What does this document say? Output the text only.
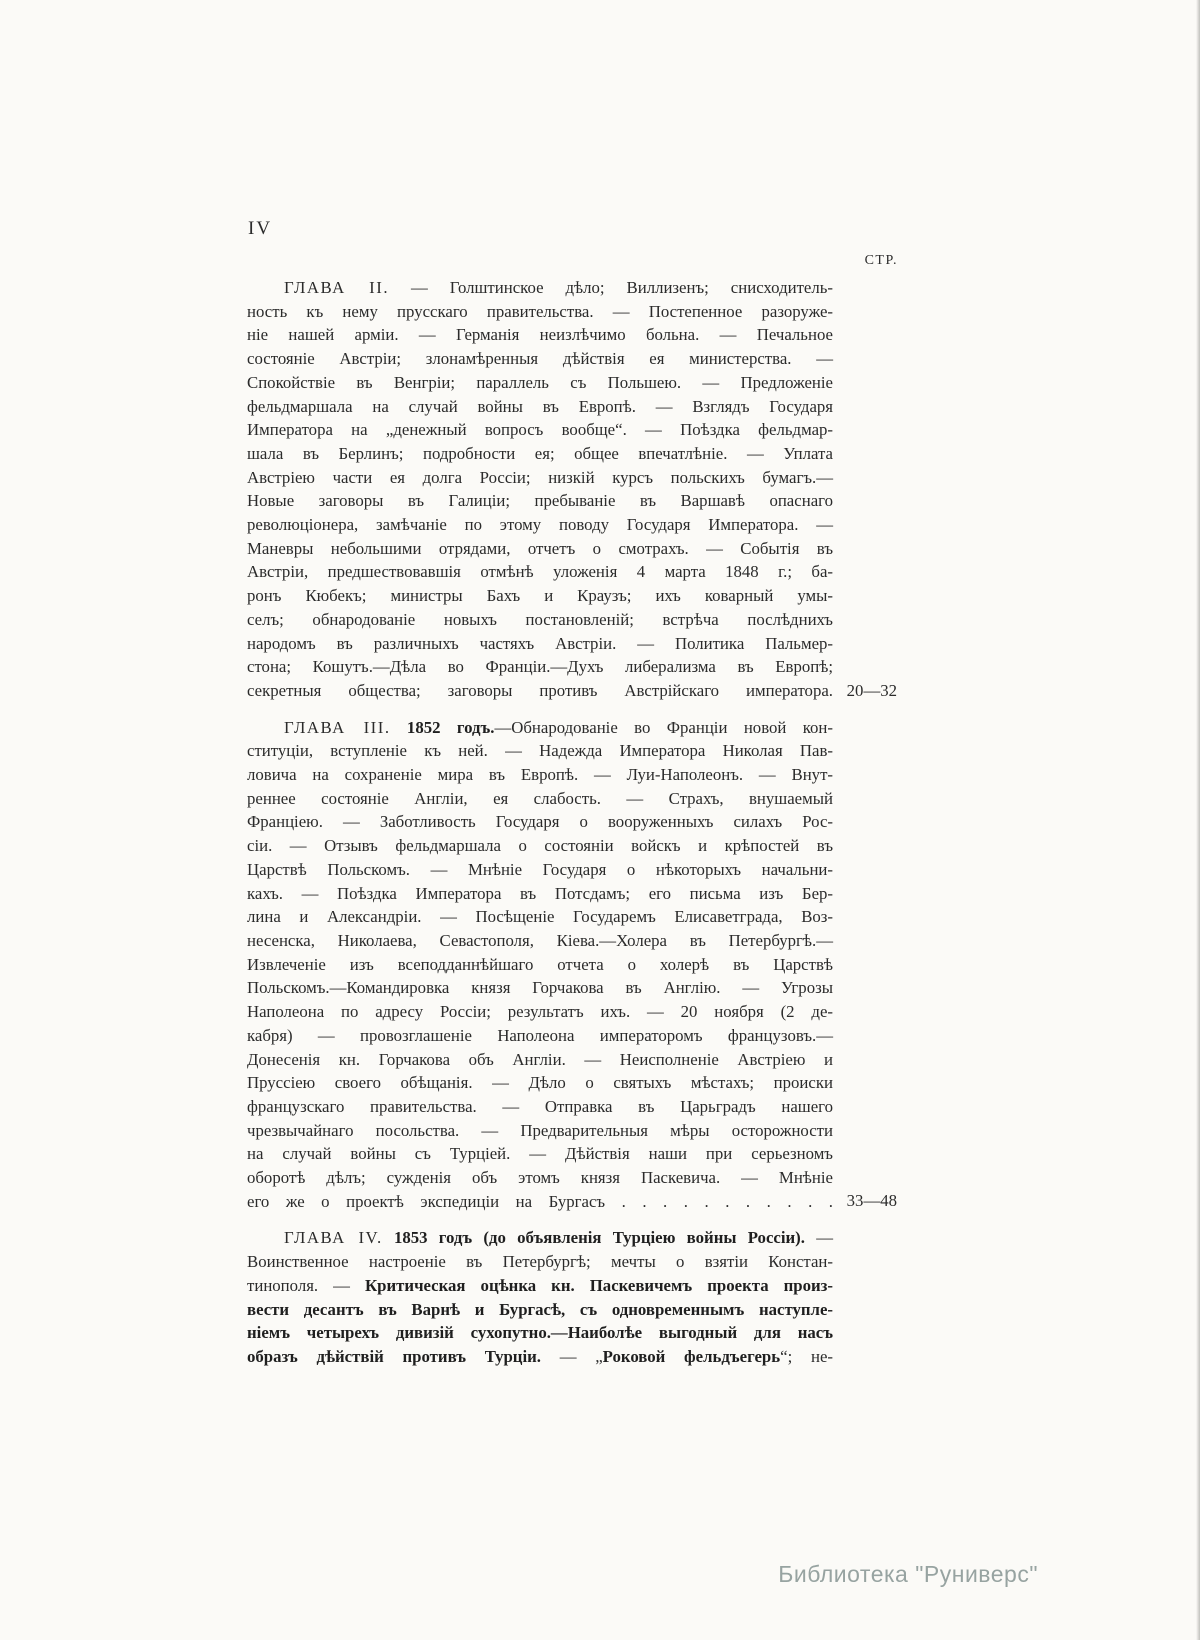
IV
СТР.
ГЛАВА II. — Голштинское дѣло; Виллизенъ; снисходитель-
ность къ нему прусскаго правительства. — Постепенное разоруже-
ніе нашей арміи. — Германія неизлѣчимо больна. — Печальное
состояніе Австріи; злонамѣренныя дѣйствія ея министерства. —
Спокойствіе въ Венгріи; параллель съ Польшею. — Предложеніе
фельдмаршала на случай войны въ Европѣ. — Взглядъ Государя
Императора на „денежный вопросъ вообще“. — Поѣздка фельдмар-
шала въ Берлинъ; подробности ея; общее впечатлѣніе. — Уплата
Австріею части ея долга Россіи; низкій курсъ польскихъ бумагъ.—
Новые заговоры въ Галиціи; пребываніе въ Варшавѣ опаснаго
революціонера, замѣчаніе по этому поводу Государя Императора. —
Маневры небольшими отрядами, отчетъ о смотрахъ. — Событія въ
Австріи, предшествовавшія отмѣнѣ уложенія 4 марта 1848 г.; ба-
ронъ Кюбекъ; министры Бахъ и Краузъ; ихъ коварный умы-
селъ; обнародованіе новыхъ постановленій; встрѣча послѣднихъ
народомъ въ различныхъ частяхъ Австріи. — Политика Пальмер-
стона; Кошутъ.—Дѣла во Франціи.—Духъ либерализма въ Европѣ;
секретныя общества; заговоры противъ Австрійскаго императора. 20—32
ГЛАВА III. 1852 годъ.—Обнародованіе во Франціи новой кон-
ституціи, вступленіе къ ней. — Надежда Императора Николая Пав-
ловича на сохраненіе мира въ Европѣ. — Луи-Наполеонъ. — Внут-
реннее состояніе Англіи, ея слабость. — Страхъ, внушаемый
Франціею. — Заботливость Государя о вооруженныхъ силахъ Рос-
сіи. — Отзывъ фельдмаршала о состояніи войскъ и крѣпостей въ
Царствѣ Польскомъ. — Мнѣніе Государя о нѣкоторыхъ начальни-
кахъ. — Поѣздка Императора въ Потсдамъ; его письма изъ Бер-
лина и Александріи. — Посѣщеніе Государемъ Елисаветграда, Воз-
несенска, Николаева, Севастополя, Кіева.—Холера въ Петербургѣ.—
Извлеченіе изъ всеподданнѣйшаго отчета о холерѣ въ Царствѣ
Польскомъ.—Командировка князя Горчакова въ Англію. — Угрозы
Наполеона по адресу Россіи; результатъ ихъ. — 20 ноября (2 де-
кабря) — провозглашеніе Наполеона императоромъ французовъ.—
Донесенія кн. Горчакова объ Англіи. — Неисполненіе Австріею и
Пруссіею своего обѣщанія. — Дѣло о святыхъ мѣстахъ; происки
французскаго правительства. — Отправка въ Царьградъ нашего
чрезвычайнаго посольства. — Предварительныя мѣры осторожности
на случай войны съ Турціей. — Дѣйствія наши при серьезномъ
оборотѣ дѣлъ; сужденія объ этомъ князя Паскевича. — Мнѣніе
его же о проектѣ экспедиціи на Бургасъ . . . . . . . . . . . 33—48
ГЛАВА IV. 1853 годъ (до объявленія Турціею войны Россіи). —
Воинственное настроеніе въ Петербургѣ; мечты о взятіи Констан-
тинополя. — Критическая оцѣнка кн. Паскевичемъ проекта произ-
вести десантъ въ Варнѣ и Бургасѣ, съ одновременнымъ наступле-
ніемъ четырехъ дивизій сухопутно.—Наиболѣе выгодный для насъ
образъ дѣйствій противъ Турціи. — „Роковой фельдъегерь“; не-
Библиотека "Руниверс"
